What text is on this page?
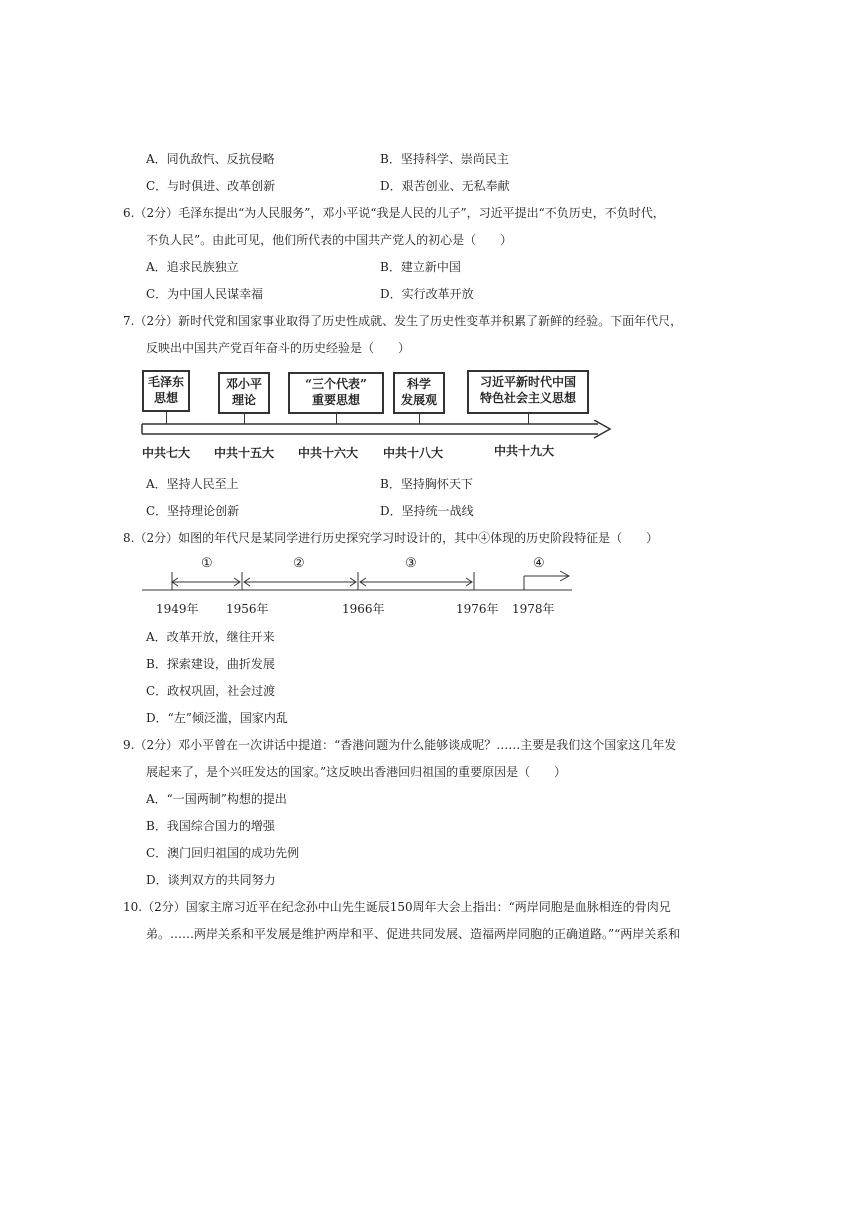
A．同仇敌忾、反抗侵略	B．坚持科学、崇尚民主
C．与时俱进、改革创新	D．艰苦创业、无私奉献
6.（2分）毛泽东提出“为人民服务”，邓小平说“我是人民的儿子”，习近平提出“不负历史，不负时代，
不负人民”。由此可见，他们所代表的中国共产党人的初心是（　　）
A．追求民族独立	B．建立新中国
C．为中国人民谋幸福	D．实行改革开放
7.（2分）新时代党和国家事业取得了历史性成就、发生了历史性变革并积累了新鲜的经验。下面年代尺，
反映出中国共产党百年奋斗的历史经验是（　　）
毛泽东
思想
邓小平
理论
“三个代表”
重要思想
科学
发展观
习近平新时代中国
特色社会主义思想
中共七大 中共十五大 中共十六大 中共十八大	中共十九大
A．坚持人民至上	B．坚持胸怀天下
C．坚持理论创新	D．坚持统一战线
8.（2分）如图的年代尺是某同学进行历史探究学习时设计的，其中④体现的历史阶段特征是（　　）
①	②	③	④
1949年 1956年	1966年	1976年 1978年
A．改革开放，继往开来
B．探索建设，曲折发展
C．政权巩固，社会过渡
D．“左”倾泛滥，国家内乱
9.（2分）邓小平曾在一次讲话中提道：“香港问题为什么能够谈成呢？……主要是我们这个国家这几年发
展起来了，是个兴旺发达的国家。”这反映出香港回归祖国的重要原因是（　　）
A．“一国两制”构想的提出
B．我国综合国力的增强
C．澳门回归祖国的成功先例
D．谈判双方的共同努力
10.（2分）国家主席习近平在纪念孙中山先生诞辰150周年大会上指出：“两岸同胞是血脉相连的骨肉兄
弟。……两岸关系和平发展是维护两岸和平、促进共同发展、造福两岸同胞的正确道路。”“两岸关系和
